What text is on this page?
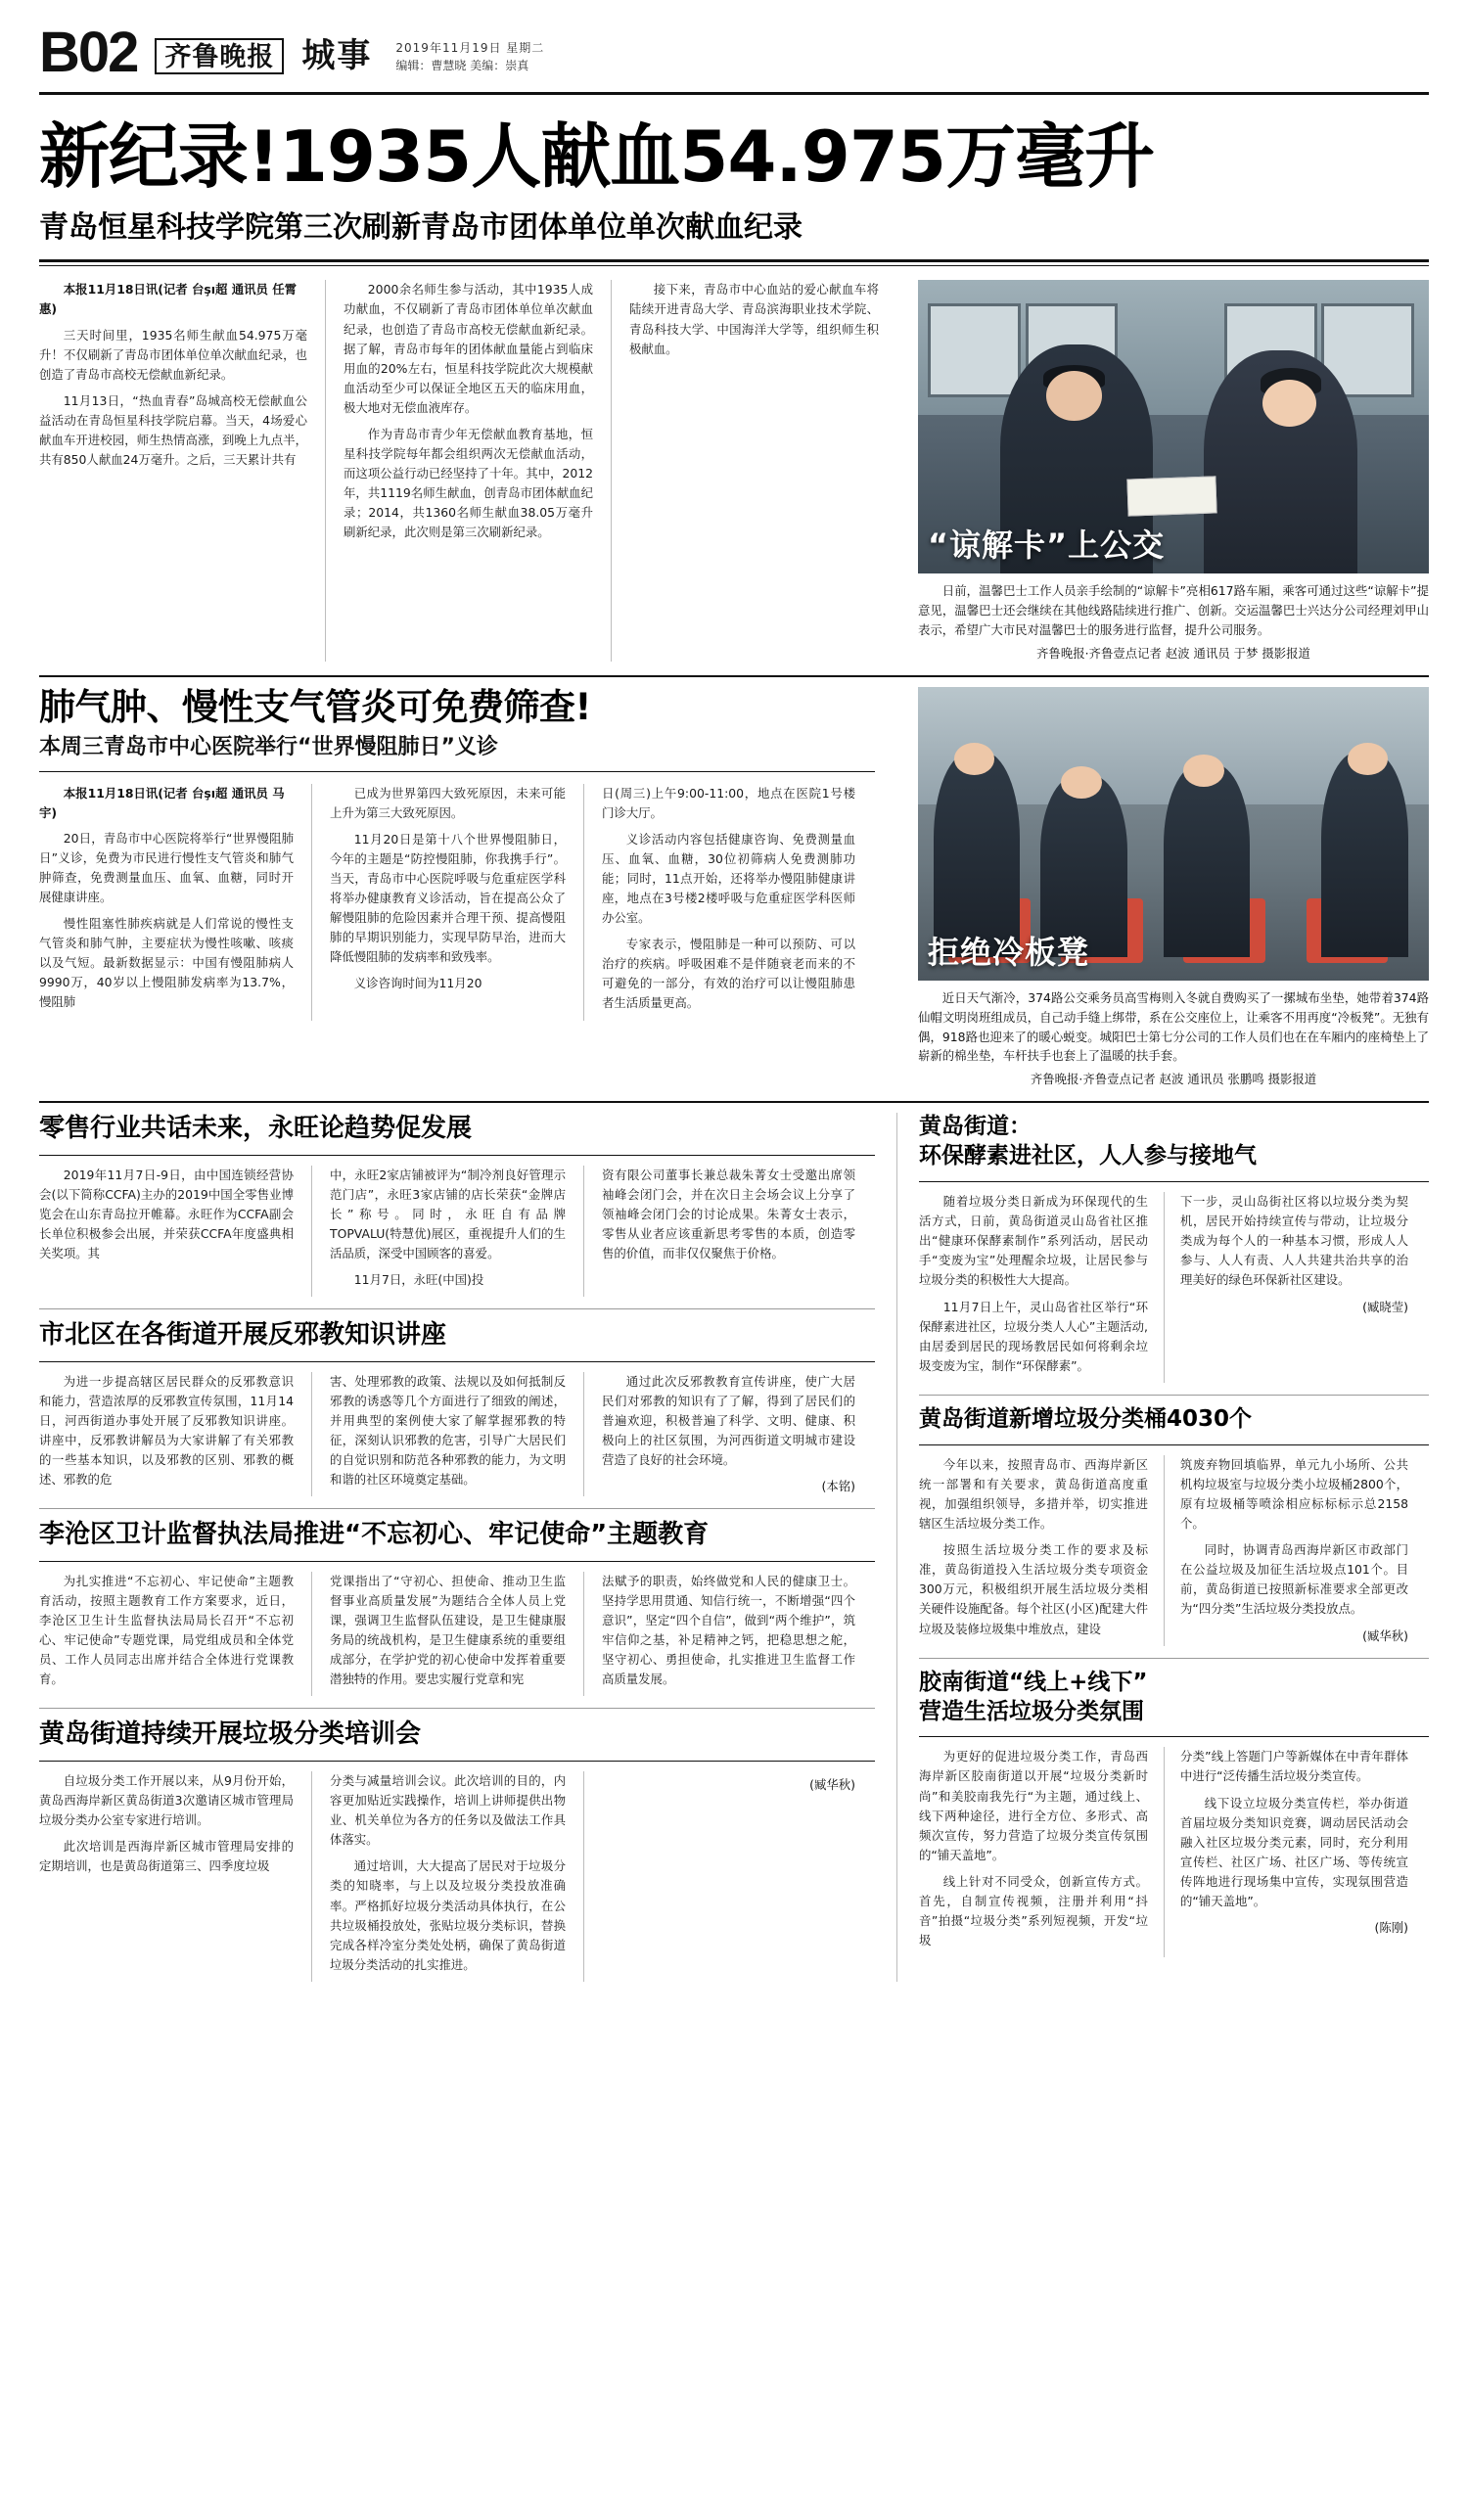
B02	齐鲁晚报 城事 2019年11月19日 星期二
编辑：曹慧晓 美编：崇真
新纪录!1935人献血54.975万毫升
青岛恒星科技学院第三次刷新青岛市团体单位单次献血纪录

本报11月18日讯(记者 台şı超 通讯员 任霄惠)

三天时间里，1935名师生献血54.975万毫升！不仅刷新了青岛市团体单位单次献血纪录，也创造了青岛市高校无偿献血新纪录。

11月13日，“热血青春”岛城高校无偿献血公益活动在青岛恒星科技学院启幕。当天，4场爱心献血车开进校园，师生热情高涨，到晚上九点半，共有850人献血24万毫升。之后，三天累计共有

2000余名师生参与活动，其中1935人成功献血，不仅刷新了青岛市团体单位单次献血纪录，也创造了青岛市高校无偿献血新纪录。据了解，青岛市每年的团体献血量能占到临床用血的20%左右，恒星科技学院此次大规模献血活动至少可以保证全地区五天的临床用血，极大地对无偿血液库存。

作为青岛市青少年无偿献血教育基地，恒星科技学院每年都会组织两次无偿献血活动，而这项公益行动已经坚持了十年。其中，2012年，共1119名师生献血，创青岛市团体献血纪录；2014，共1360名师生献血38.05万毫升刷新纪录，此次则是第三次刷新纪录。

接下来，青岛市中心血站的爱心献血车将陆续开进青岛大学、青岛滨海职业技术学院、青岛科技大学、中国海洋大学等，组织师生积极献血。

“谅解卡”上公交

日前，温馨巴士工作人员亲手绘制的“谅解卡”亮相617路车厢，乘客可通过这些“谅解卡”提意见，温馨巴士还会继续在其他线路陆续进行推广、创新。交运温馨巴士兴达分公司经理刘甲山表示，希望广大市民对温馨巴士的服务进行监督，提升公司服务。

齐鲁晚报·齐鲁壹点记者 赵波 通讯员 于梦 摄影报道

肺气肿、慢性支气管炎可免费筛查!
本周三青岛市中心医院举行“世界慢阻肺日”义诊

本报11月18日讯(记者 台şı超 通讯员 马宇)

20日，青岛市中心医院将举行“世界慢阻肺日”义诊，免费为市民进行慢性支气管炎和肺气肿筛查，免费测量血压、血氧、血糖，同时开展健康讲座。

慢性阻塞性肺疾病就是人们常说的慢性支气管炎和肺气肿，主要症状为慢性咳嗽、咳痰以及气短。最新数据显示：中国有慢阻肺病人9990万，40岁以上慢阻肺发病率为13.7%，慢阻肺

已成为世界第四大致死原因，未来可能上升为第三大致死原因。

11月20日是第十八个世界慢阻肺日，今年的主题是“防控慢阻肺，你我携手行”。当天，青岛市中心医院呼吸与危重症医学科将举办健康教育义诊活动，旨在提高公众了解慢阻肺的危险因素并合理干预、提高慢阻肺的早期识别能力，实现早防早治，进而大降低慢阻肺的发病率和致残率。

义诊咨询时间为11月20

日(周三)上午9:00-11:00，地点在医院1号楼门诊大厅。

义诊活动内容包括健康咨询、免费测量血压、血氧、血糖，30位初筛病人免费测肺功能；同时，11点开始，还将举办慢阻肺健康讲座，地点在3号楼2楼呼吸与危重症医学科医师办公室。

专家表示，慢阻肺是一种可以预防、可以治疗的疾病。呼吸困难不是伴随衰老而来的不可避免的一部分，有效的治疗可以让慢阻肺患者生活质量更高。

拒绝冷板凳

近日天气渐冷，374路公交乘务员高雪梅则入冬就自费购买了一摞城布坐垫，她带着374路仙帽文明岗班组成员，自己动手缝上绑带，系在公交座位上，让乘客不用再度“冷板凳”。无独有偶，918路也迎来了的暖心蜕变。城阳巴士第七分公司的工作人员们也在在车厢内的座椅垫上了崭新的棉坐垫，车杆扶手也套上了温暖的扶手套。

齐鲁晚报·齐鲁壹点记者 赵波 通讯员 张鹏鸣 摄影报道

零售行业共话未来，永旺论趋势促发展

2019年11月7日-9日，由中国连锁经营协会(以下简称CCFA)主办的2019中国全零售业博览会在山东青岛拉开帷幕。永旺作为CCFA副会长单位积极参会出展，并荣获CCFA年度盛典相关奖项。其

中，永旺2家店铺被评为“制冷剂良好管理示范门店”，永旺3家店铺的店长荣获“金牌店长”称号。同时，永旺自有品牌TOPVALU(特慧优)展区，重视提升人们的生活品质，深受中国顾客的喜爱。

11月7日，永旺(中国)投

资有限公司董事长兼总裁朱菁女士受邀出席领袖峰会闭门会，并在次日主会场会议上分享了领袖峰会闭门会的讨论成果。朱菁女士表示，零售从业者应该重新思考零售的本质，创造零售的价值，而非仅仅聚焦于价格。

市北区在各街道开展反邪教知识讲座

为进一步提高辖区居民群众的反邪教意识和能力，营造浓厚的反邪教宣传氛围，11月14日，河西街道办事处开展了反邪教知识讲座。讲座中，反邪教讲解员为大家讲解了有关邪教的一些基本知识，以及邪教的区别、邪教的概述、邪教的危

害、处理邪教的政策、法规以及如何抵制反邪教的诱惑等几个方面进行了细致的阐述，并用典型的案例使大家了解掌握邪教的特征，深刻认识邪教的危害，引导广大居民们的自觉识别和防范各种邪教的能力，为文明和谐的社区环境奠定基础。

通过此次反邪教教育宣传讲座，使广大居民们对邪教的知识有了了解，得到了居民们的普遍欢迎，积极普遍了科学、文明、健康、积极向上的社区氛围，为河西街道文明城市建设营造了良好的社会环境。

(本铭)

李沧区卫计监督执法局推进“不忘初心、牢记使命”主题教育

为扎实推进“不忘初心、牢记使命”主题教育活动，按照主题教育工作方案要求，近日，李沧区卫生计生监督执法局局长召开“不忘初心、牢记使命”专题党课，局党组成员和全体党员、工作人员同志出席并结合全体进行党课教育。

党课指出了“守初心、担使命、推动卫生监督事业高质量发展”为题结合全体人员上党课，强调卫生监督队伍建设，是卫生健康服务局的统战机构，是卫生健康系统的重要组成部分，在学护党的初心使命中发挥着重要潜独特的作用。要忠实履行党章和宪

法赋予的职责，始终做党和人民的健康卫士。坚持学思用贯通、知信行统一，不断增强“四个意识”，坚定“四个自信”，做到“两个维护”，筑牢信仰之基，补足精神之钙，把稳思想之舵，坚守初心、勇担使命，扎实推进卫生监督工作高质量发展。

黄岛街道持续开展垃圾分类培训会

自垃圾分类工作开展以来，从9月份开始，黄岛西海岸新区黄岛街道3次邀请区城市管理局垃圾分类办公室专家进行培训。

此次培训是西海岸新区城市管理局安排的定期培训，也是黄岛街道第三、四季度垃圾

分类与减量培训会议。此次培训的目的，内容更加贴近实践操作，培训上讲师提供出物业、机关单位为各方的任务以及做法工作具体落实。

通过培训，大大提高了居民对于垃圾分类的知晓率，与上以及垃圾分类投放准确率。严格抓好垃圾分类活动具体执行，在公共垃圾桶投放处，张贴垃圾分类标识，替换完成各样冷室分类处处柄，确保了黄岛街道垃圾分类活动的扎实推进。

(臧华秋)

黄岛街道：
环保酵素进社区，人人参与接地气

随着垃圾分类日新成为环保现代的生活方式，日前，黄岛街道灵山岛省社区推出“健康环保酵素制作”系列活动，居民动手“变废为宝”处理醒余垃圾，让居民参与垃圾分类的积极性大大提高。

11月7日上午，灵山岛省社区举行“环保酵素进社区，垃圾分类人人心”主题活动,由居委到居民的现场教居民如何将剩余垃圾变废为宝，制作“环保酵素”。

下一步，灵山岛街社区将以垃圾分类为契机，居民开始持续宣传与带动，让垃圾分类成为每个人的一种基本习惯，形成人人参与、人人有责、人人共建共治共享的治理美好的绿色环保新社区建设。

(臧晓莹)

黄岛街道新增垃圾分类桶4030个

今年以来，按照青岛市、西海岸新区统一部署和有关要求，黄岛街道高度重视，加强组织领导，多措并举，切实推进辖区生活垃圾分类工作。

按照生活垃圾分类工作的要求及标准，黄岛街道投入生活垃圾分类专项资金300万元，积极组织开展生活垃圾分类相关硬件设施配备。每个社区(小区)配建大件垃圾及装修垃圾集中堆放点，建设

筑废弃物回填临界，单元九小场所、公共机构垃圾室与垃圾分类小垃圾桶2800个，原有垃圾桶等喷涂相应标标标示总2158个。

同时，协调青岛西海岸新区市政部门在公益垃圾及加征生活垃圾点101个。目前，黄岛街道已按照新标准要求全部更改为“四分类”生活垃圾分类投放点。

(臧华秋)

胶南街道“线上+线下”
营造生活垃圾分类氛围

为更好的促进垃圾分类工作，青岛西海岸新区胶南街道以开展“垃圾分类新时尚”和美胶南我先行“为主题，通过线上、线下两种途径，进行全方位、多形式、高频次宣传，努力营造了垃圾分类宣传氛围的“铺天盖地”。

线上针对不同受众，创新宣传方式。首先，自制宣传视频，注册并利用“抖音”拍摄“垃圾分类”系列短视频，开发“垃圾

分类”线上答题门户等新媒体在中青年群体中进行“泛传播生活垃圾分类宣传。

线下设立垃圾分类宣传栏，举办街道首届垃圾分类知识竞赛，调动居民活动会融入社区垃圾分类元素，同时，充分利用宣传栏、社区广场、社区广场、等传统宣传阵地进行现场集中宣传，实现氛围营造的“铺天盖地”。

(陈刚)
